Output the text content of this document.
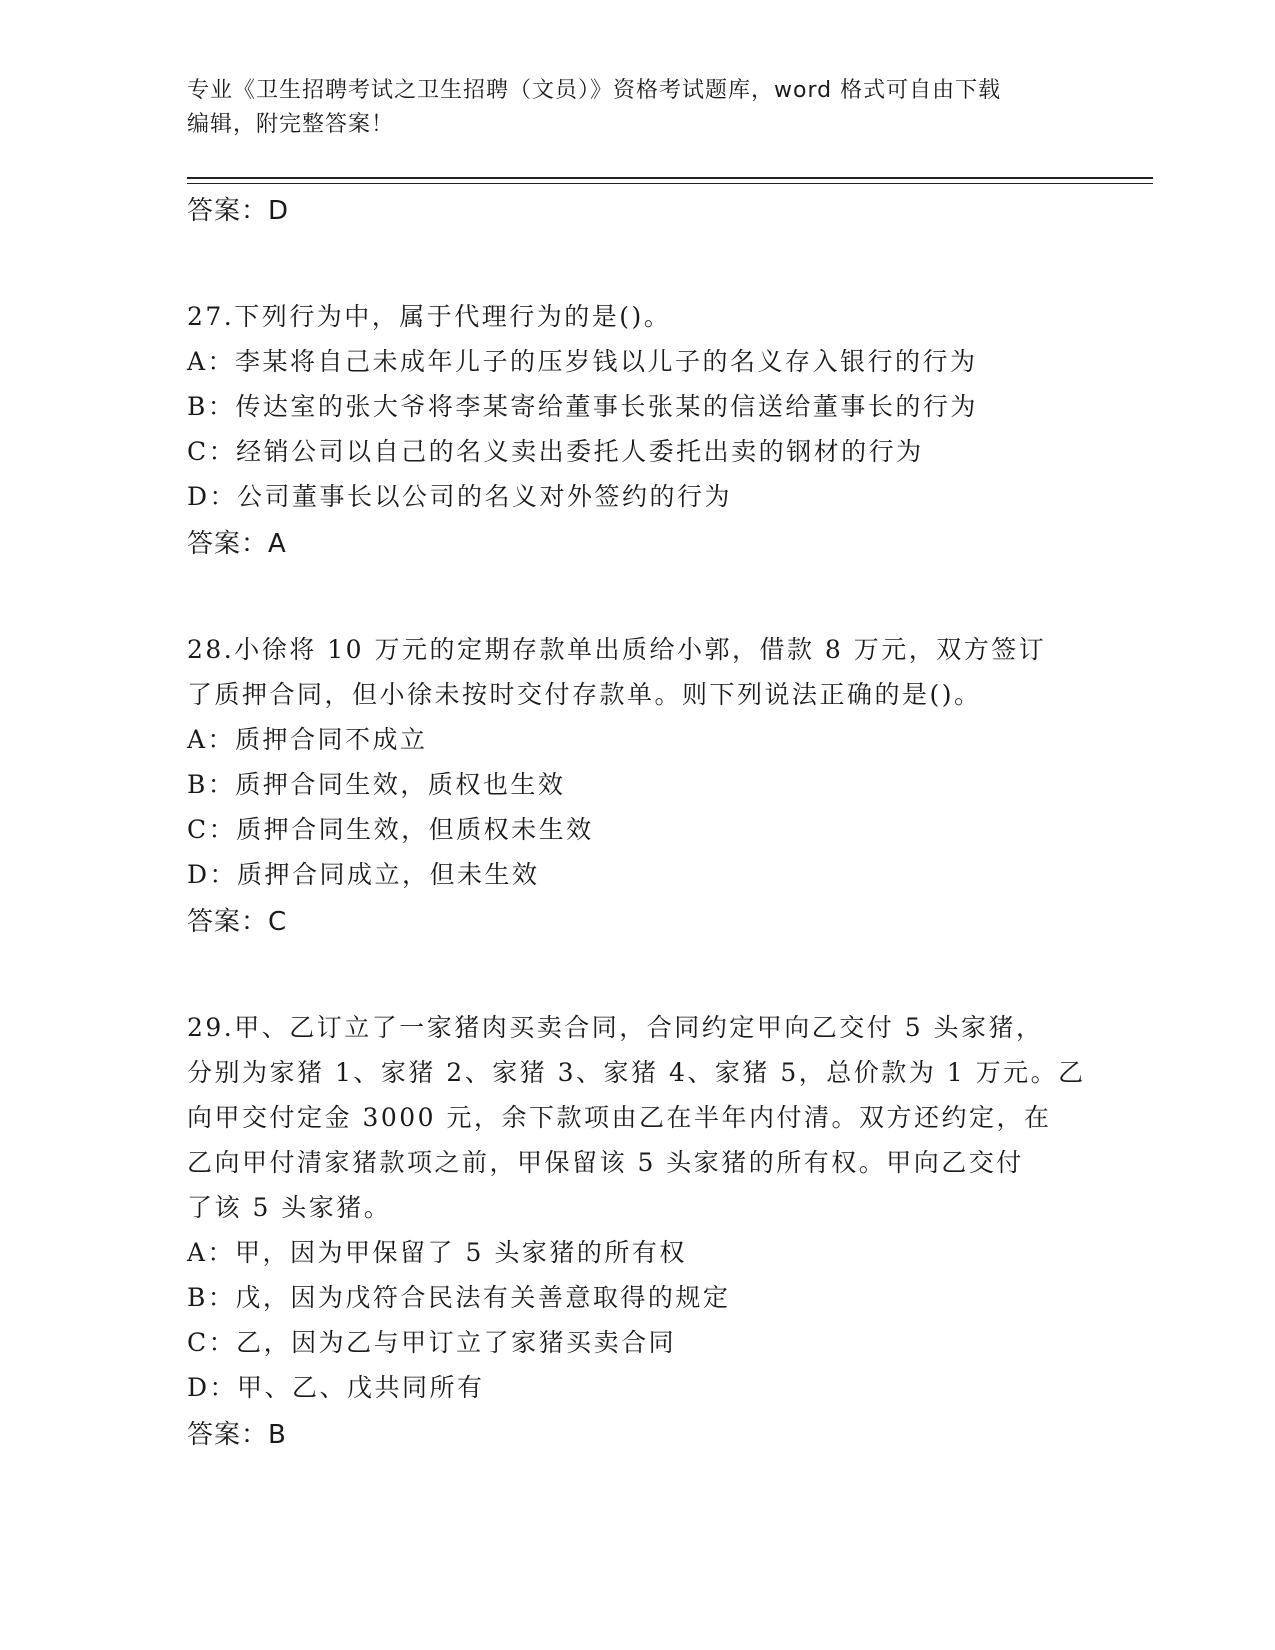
专业《卫生招聘考试之卫生招聘（文员）》资格考试题库，word 格式可自由下载
编辑，附完整答案！
答案：D
27.下列行为中，属于代理行为的是()。
A：李某将自己未成年儿子的压岁钱以儿子的名义存入银行的行为
B：传达室的张大爷将李某寄给董事长张某的信送给董事长的行为
C：经销公司以自己的名义卖出委托人委托出卖的钢材的行为
D：公司董事长以公司的名义对外签约的行为
答案：A
28.小徐将 10 万元的定期存款单出质给小郭，借款 8 万元，双方签订
了质押合同，但小徐未按时交付存款单。则下列说法正确的是()。
A：质押合同不成立
B：质押合同生效，质权也生效
C：质押合同生效，但质权未生效
D：质押合同成立，但未生效
答案：C
29.甲、乙订立了一家猪肉买卖合同，合同约定甲向乙交付 5 头家猪，
分别为家猪 1、家猪 2、家猪 3、家猪 4、家猪 5，总价款为 1 万元。乙
向甲交付定金 3000 元，余下款项由乙在半年内付清。双方还约定，在
乙向甲付清家猪款项之前，甲保留该 5 头家猪的所有权。甲向乙交付
了该 5 头家猪。
A：甲，因为甲保留了 5 头家猪的所有权
B：戊，因为戊符合民法有关善意取得的规定
C：乙，因为乙与甲订立了家猪买卖合同
D：甲、乙、戊共同所有
答案：B
